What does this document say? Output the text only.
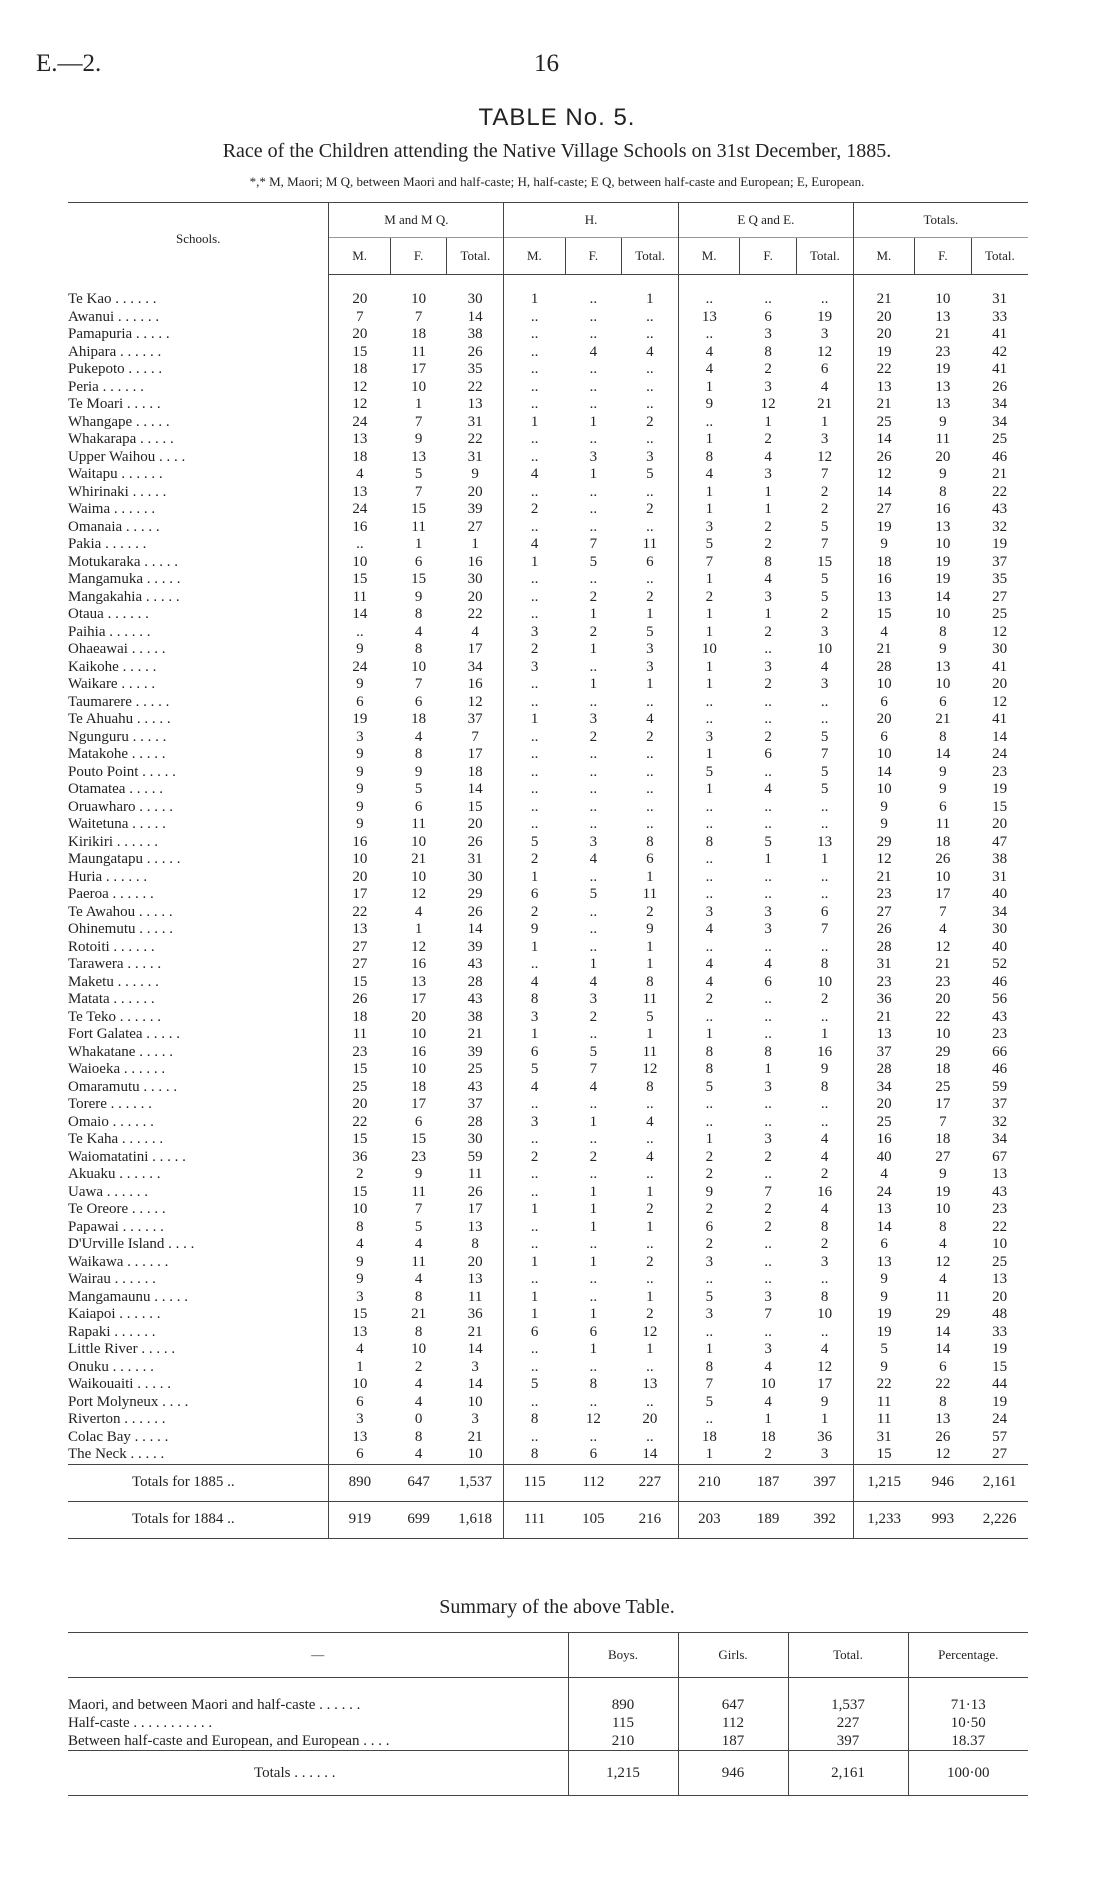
E.—2.	16
TABLE No. 5.
Race of the Children attending the Native Village Schools on 31st December, 1885.
*,* M, Maori; M Q, between Maori and half-caste; H, half-caste; E Q, between half-caste and European; E, European.
Schools.	M and M Q.			H.			E Q and E.			Totals.		
	M.	F.	Total.	M.	F.	Total.	M.	F.	Total.	M.	F.	Total.

Te Kao . . . . . .	20	10	30	1	..	1	..	..	..	21	10	31
Awanui . . . . . .	7	7	14	..	..	..	13	6	19	20	13	33
Pamapuria . . . . .	20	18	38	..	..	..	..	3	3	20	21	41
Ahipara . . . . . .	15	11	26	..	4	4	4	8	12	19	23	42
Pukepoto . . . . .	18	17	35	..	..	..	4	2	6	22	19	41
Peria . . . . . .	12	10	22	..	..	..	1	3	4	13	13	26
Te Moari . . . . .	12	1	13	..	..	..	9	12	21	21	13	34
Whangape . . . . .	24	7	31	1	1	2	..	1	1	25	9	34
Whakarapa . . . . .	13	9	22	..	..	..	1	2	3	14	11	25
Upper Waihou . . . .	18	13	31	..	3	3	8	4	12	26	20	46
Waitapu . . . . . .	4	5	9	4	1	5	4	3	7	12	9	21
Whirinaki . . . . .	13	7	20	..	..	..	1	1	2	14	8	22
Waima . . . . . .	24	15	39	2	..	2	1	1	2	27	16	43
Omanaia . . . . .	16	11	27	..	..	..	3	2	5	19	13	32
Pakia . . . . . .	..	1	1	4	7	11	5	2	7	9	10	19
Motukaraka . . . . .	10	6	16	1	5	6	7	8	15	18	19	37
Mangamuka . . . . .	15	15	30	..	..	..	1	4	5	16	19	35
Mangakahia . . . . .	11	9	20	..	2	2	2	3	5	13	14	27
Otaua . . . . . .	14	8	22	..	1	1	1	1	2	15	10	25
Paihia . . . . . .	..	4	4	3	2	5	1	2	3	4	8	12
Ohaeawai . . . . .	9	8	17	2	1	3	10	..	10	21	9	30
Kaikohe . . . . .	24	10	34	3	..	3	1	3	4	28	13	41
Waikare . . . . .	9	7	16	..	1	1	1	2	3	10	10	20
Taumarere . . . . .	6	6	12	..	..	..	..	..	..	6	6	12
Te Ahuahu . . . . .	19	18	37	1	3	4	..	..	..	20	21	41
Ngunguru . . . . .	3	4	7	..	2	2	3	2	5	6	8	14
Matakohe . . . . .	9	8	17	..	..	..	1	6	7	10	14	24
Pouto Point . . . . .	9	9	18	..	..	..	5	..	5	14	9	23
Otamatea . . . . .	9	5	14	..	..	..	1	4	5	10	9	19
Oruawharo . . . . .	9	6	15	..	..	..	..	..	..	9	6	15
Waitetuna . . . . .	9	11	20	..	..	..	..	..	..	9	11	20
Kirikiri . . . . . .	16	10	26	5	3	8	8	5	13	29	18	47
Maungatapu . . . . .	10	21	31	2	4	6	..	1	1	12	26	38
Huria . . . . . .	20	10	30	1	..	1	..	..	..	21	10	31
Paeroa . . . . . .	17	12	29	6	5	11	..	..	..	23	17	40
Te Awahou . . . . .	22	4	26	2	..	2	3	3	6	27	7	34
Ohinemutu . . . . .	13	1	14	9	..	9	4	3	7	26	4	30
Rotoiti . . . . . .	27	12	39	1	..	1	..	..	..	28	12	40
Tarawera . . . . .	27	16	43	..	1	1	4	4	8	31	21	52
Maketu . . . . . .	15	13	28	4	4	8	4	6	10	23	23	46
Matata . . . . . .	26	17	43	8	3	11	2	..	2	36	20	56
Te Teko . . . . . .	18	20	38	3	2	5	..	..	..	21	22	43
Fort Galatea . . . . .	11	10	21	1	..	1	1	..	1	13	10	23
Whakatane . . . . .	23	16	39	6	5	11	8	8	16	37	29	66
Waioeka . . . . . .	15	10	25	5	7	12	8	1	9	28	18	46
Omaramutu . . . . .	25	18	43	4	4	8	5	3	8	34	25	59
Torere . . . . . .	20	17	37	..	..	..	..	..	..	20	17	37
Omaio . . . . . .	22	6	28	3	1	4	..	..	..	25	7	32
Te Kaha . . . . . .	15	15	30	..	..	..	1	3	4	16	18	34
Waiomatatini . . . . .	36	23	59	2	2	4	2	2	4	40	27	67
Akuaku . . . . . .	2	9	11	..	..	..	2	..	2	4	9	13
Uawa . . . . . .	15	11	26	..	1	1	9	7	16	24	19	43
Te Oreore . . . . .	10	7	17	1	1	2	2	2	4	13	10	23
Papawai . . . . . .	8	5	13	..	1	1	6	2	8	14	8	22
D'Urville Island . . . .	4	4	8	..	..	..	2	..	2	6	4	10
Waikawa . . . . . .	9	11	20	1	1	2	3	..	3	13	12	25
Wairau . . . . . .	9	4	13	..	..	..	..	..	..	9	4	13
Mangamaunu . . . . .	3	8	11	1	..	1	5	3	8	9	11	20
Kaiapoi . . . . . .	15	21	36	1	1	2	3	7	10	19	29	48
Rapaki . . . . . .	13	8	21	6	6	12	..	..	..	19	14	33
Little River . . . . .	4	10	14	..	1	1	1	3	4	5	14	19
Onuku . . . . . .	1	2	3	..	..	..	8	4	12	9	6	15
Waikouaiti . . . . .	10	4	14	5	8	13	7	10	17	22	22	44
Port Molyneux . . . .	6	4	10	..	..	..	5	4	9	11	8	19
Riverton . . . . . .	3	0	3	8	12	20	..	1	1	11	13	24
Colac Bay . . . . .	13	8	21	..	..	..	18	18	36	31	26	57
The Neck . . . . .	6	4	10	8	6	14	1	2	3	15	12	27
Totals for 1885 ..	890	647	1,537	115	112	227	210	187	397	1,215	946	2,161
Totals for 1884 ..	919	699	1,618	111	105	216	203	189	392	1,233	993	2,226
Summary of the above Table.
—	Boys.	Girls.	Total.	Percentage.

Maori, and between Maori and half-caste . . . . . .	890	647	1,537	71·13
Half-caste . . . . . . . . . . .	115	112	227	10·50
Between half-caste and European, and European . . . .	210	187	397	18.37
Totals . . . . . .	1,215	946	2,161	100·00
